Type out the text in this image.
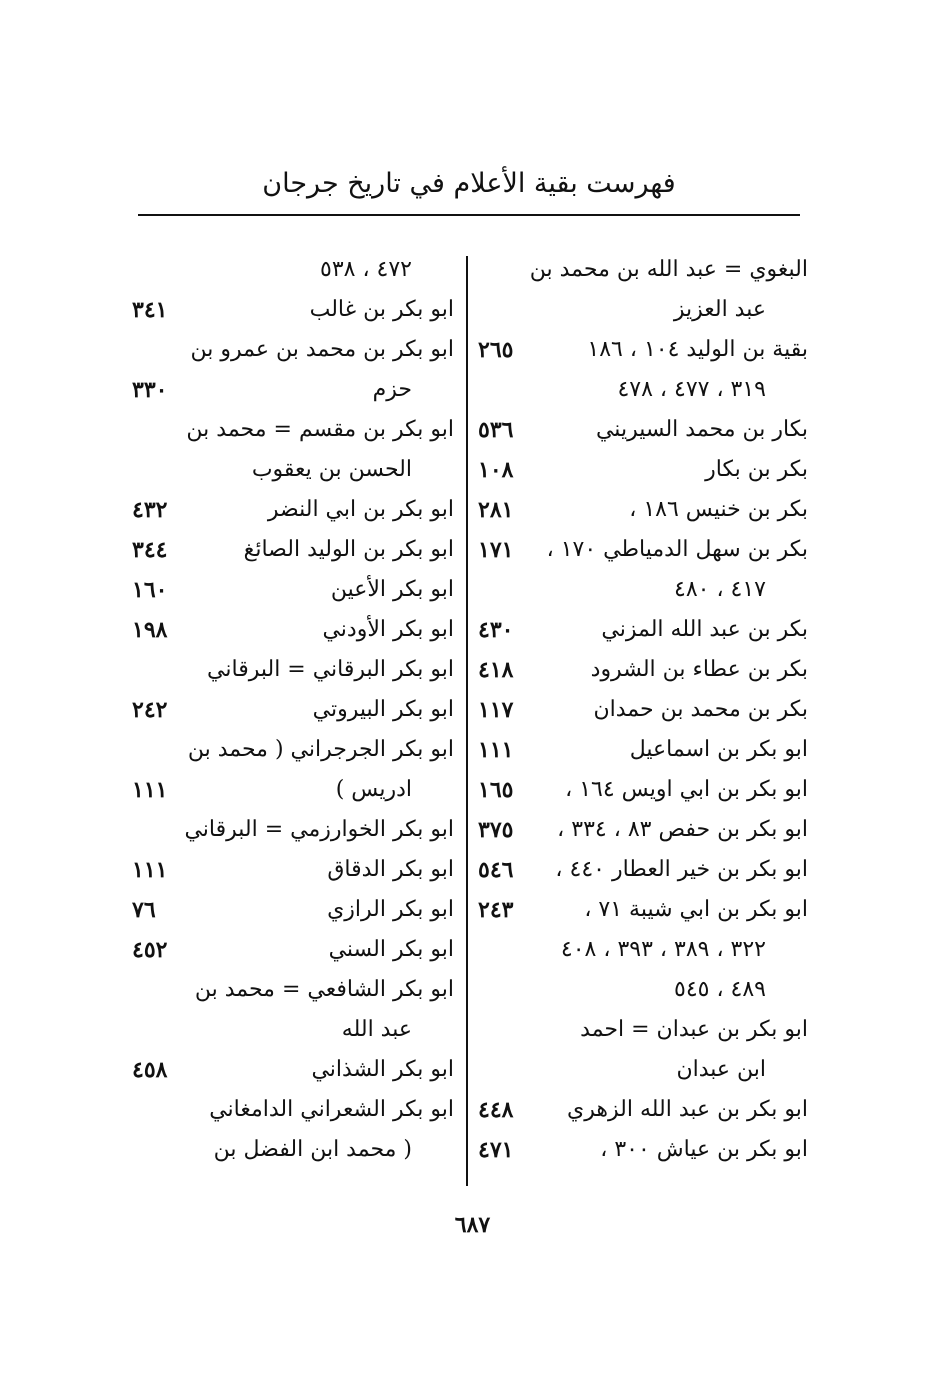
فهرست بقية الأعلام في تاريخ جرجان
البغوي = عبد الله بن محمد بن
عبد العزيز
بقية بن الوليد ١٠٤ ، ١٨٦
٢٦٥
٣١٩ ، ٤٧٧ ، ٤٧٨
بكار بن محمد السيريني
٥٣٦
بكر بن بكار
١٠٨
بكر بن خنيس ١٨٦ ،
٢٨١
بكر بن سهل الدمياطي ١٧٠ ،
١٧١
٤١٧ ، ٤٨٠
بكر بن عبد الله المزني
٤٣٠
بكر بن عطاء بن الشرود
٤١٨
بكر بن محمد بن حمدان
١١٧
ابو بكر بن اسماعيل
١١١
ابو بكر بن ابي اويس ١٦٤ ،
١٦٥
ابو بكر بن حفص ٨٣ ، ٣٣٤ ،
٣٧٥
ابو بكر بن خير العطار ٤٤٠ ،
٥٤٦
ابو بكر بن ابي شيبة ٧١ ،
٢٤٣
٣٢٢ ، ٣٨٩ ، ٣٩٣ ، ٤٠٨
٤٨٩ ، ٥٤٥
ابو بكر بن عبدان = احمد
ابن عبدان
ابو بكر بن عبد الله الزهري
٤٤٨
ابو بكر بن عياش ٣٠٠ ،
٤٧١
٤٧٢ ، ٥٣٨
ابو بكر بن غالب
٣٤١
ابو بكر بن محمد بن عمرو بن
حزم
٣٣٠
ابو بكر بن مقسم = محمد بن
الحسن بن يعقوب
ابو بكر بن ابي النضر
٤٣٢
ابو بكر بن الوليد الصائغ
٣٤٤
ابو بكر الأعين
١٦٠
ابو بكر الأودني
١٩٨
ابو بكر البرقاني = البرقاني
ابو بكر البيروتي
٢٤٢
ابو بكر الجرجراني ( محمد بن
ادريس )
١١١
ابو بكر الخوارزمي = البرقاني
ابو بكر الدقاق
١١١
ابو بكر الرازي
٧٦
ابو بكر السني
٤٥٢
ابو بكر الشافعي = محمد بن
عبد الله
ابو بكر الشذاني
٤٥٨
ابو بكر الشعراني الدامغاني
( محمد ابن الفضل بن
٦٨٧
